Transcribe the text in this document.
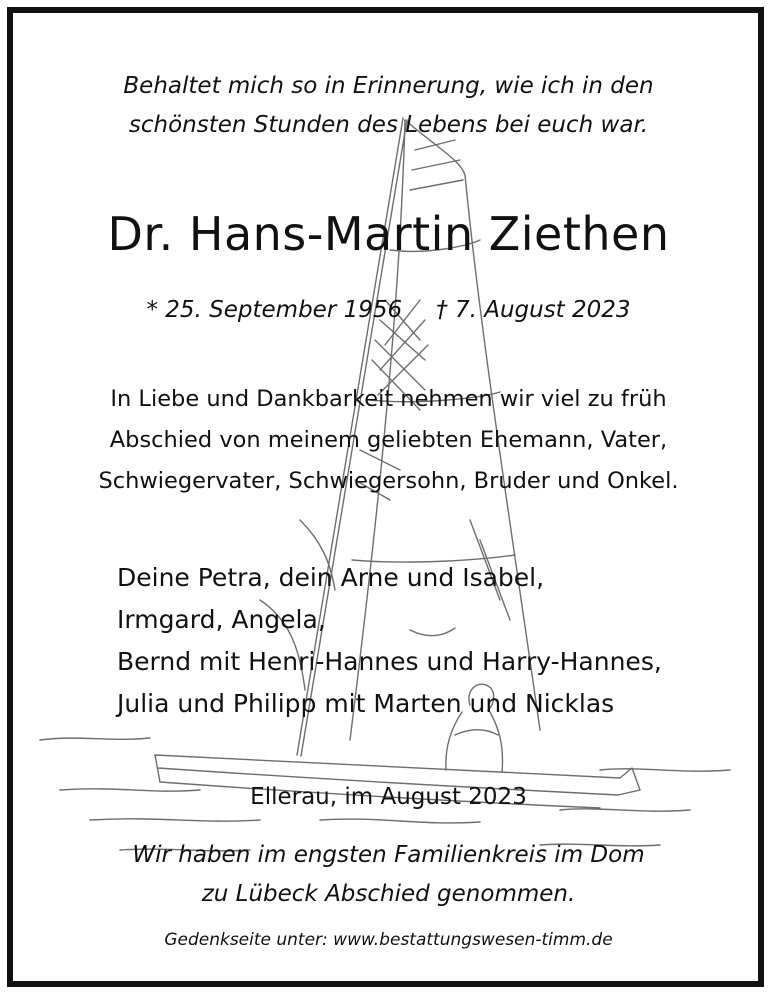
Behaltet mich so in Erinnerung, wie ich in den
schönsten Stunden des Lebens bei euch war.
Dr. Hans-Martin Ziethen
* 25. September 1956 † 7. August 2023
In Liebe und Dankbarkeit nehmen wir viel zu früh
Abschied von meinem geliebten Ehemann, Vater,
Schwiegervater, Schwiegersohn, Bruder und Onkel.
Deine Petra, dein Arne und Isabel,
Irmgard, Angela,
Bernd mit Henri-Hannes und Harry-Hannes,
Julia und Philipp mit Marten und Nicklas
Ellerau, im August 2023
Wir haben im engsten Familienkreis im Dom
zu Lübeck Abschied genommen.
Gedenkseite unter: www.bestattungswesen-timm.de
